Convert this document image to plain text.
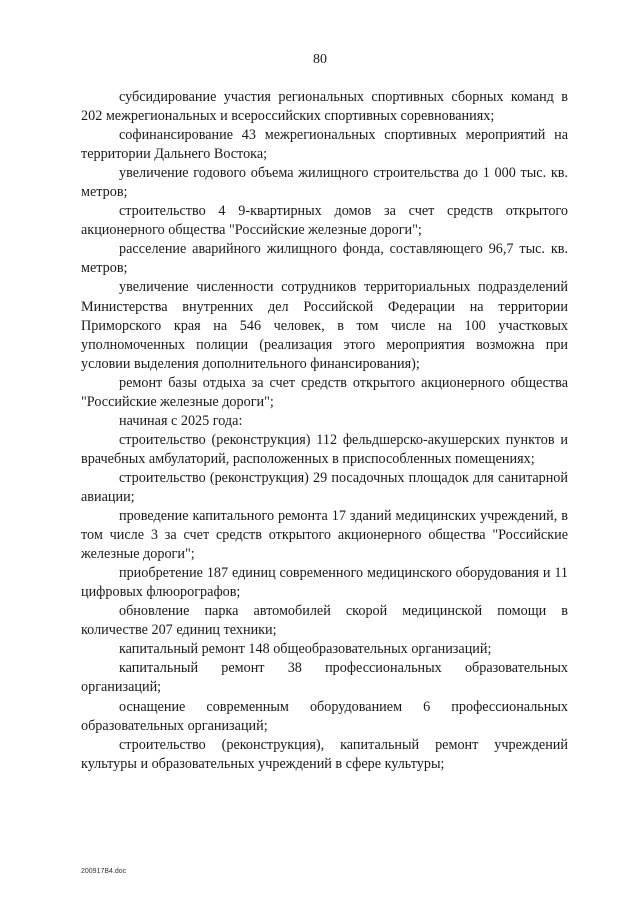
80

субсидирование участия региональных спортивных сборных команд в 202 межрегиональных и всероссийских спортивных соревнованиях;

софинансирование 43 межрегиональных спортивных мероприятий на территории Дальнего Востока;

увеличение годового объема жилищного строительства до 1 000 тыс. кв. метров;

строительство 4 9-квартирных домов за счет средств открытого акционерного общества "Российские железные дороги";

расселение аварийного жилищного фонда, составляющего 96,7 тыс. кв. метров;

увеличение численности сотрудников территориальных подразделений Министерства внутренних дел Российской Федерации на территории Приморского края на 546 человек, в том числе на 100 участковых уполномоченных полиции (реализация этого мероприятия возможна при условии выделения дополнительного финансирования);

ремонт базы отдыха за счет средств открытого акционерного общества "Российские железные дороги";

начиная с 2025 года:

строительство (реконструкция) 112 фельдшерско-акушерских пунктов и врачебных амбулаторий, расположенных в приспособленных помещениях;

строительство (реконструкция) 29 посадочных площадок для санитарной авиации;

проведение капитального ремонта 17 зданий медицинских учреждений, в том числе 3 за счет средств открытого акционерного общества "Российские железные дороги";

приобретение 187 единиц современного медицинского оборудования и 11 цифровых флюорографов;

обновление парка автомобилей скорой медицинской помощи в количестве 207 единиц техники;

капитальный ремонт 148 общеобразовательных организаций;

капитальный ремонт 38 профессиональных образовательных организаций;

оснащение современным оборудованием 6 профессиональных образовательных организаций;

строительство (реконструкция), капитальный ремонт учреждений культуры и образовательных учреждений в сфере культуры;

200917В4.doc
